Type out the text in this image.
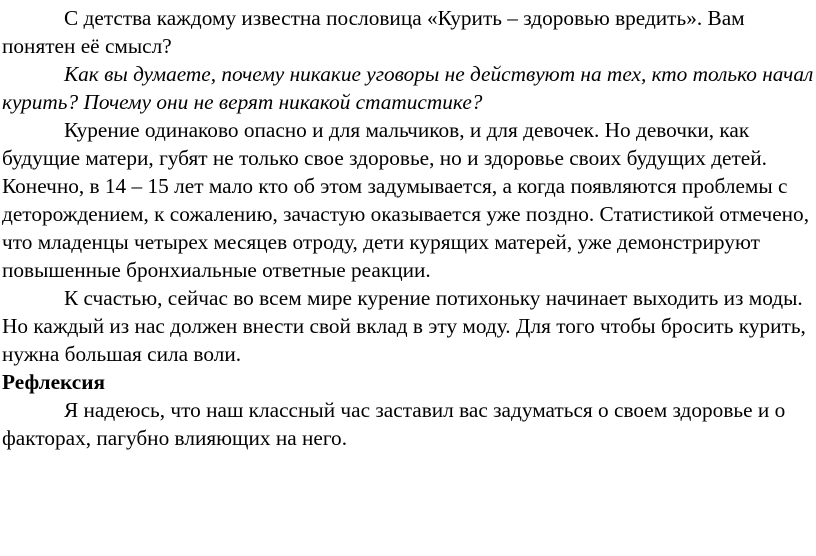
С детства каждому известна пословица «Курить – здоровью вредить». Вам понятен её смысл?

Как вы думаете, почему никакие уговоры не действуют на тех, кто только начал курить? Почему они не верят никакой статистике?

Курение одинаково опасно и для мальчиков, и для девочек. Но девочки, как будущие матери, губят не только свое здоровье, но и здоровье своих будущих детей. Конечно, в 14 – 15 лет мало кто об этом задумывается, а когда появляются проблемы с деторождением, к сожалению, зачастую оказывается уже поздно. Статистикой отмечено, что младенцы четырех месяцев отроду, дети курящих матерей, уже демонстрируют повышенные бронхиальные ответные реакции.

К счастью, сейчас во всем мире курение потихоньку начинает выходить из моды. Но каждый из нас должен внести свой вклад в эту моду. Для того чтобы бросить курить, нужна большая сила воли.

Рефлексия

Я надеюсь, что наш классный час заставил вас задуматься о своем здоровье и о факторах, пагубно влияющих на него.
